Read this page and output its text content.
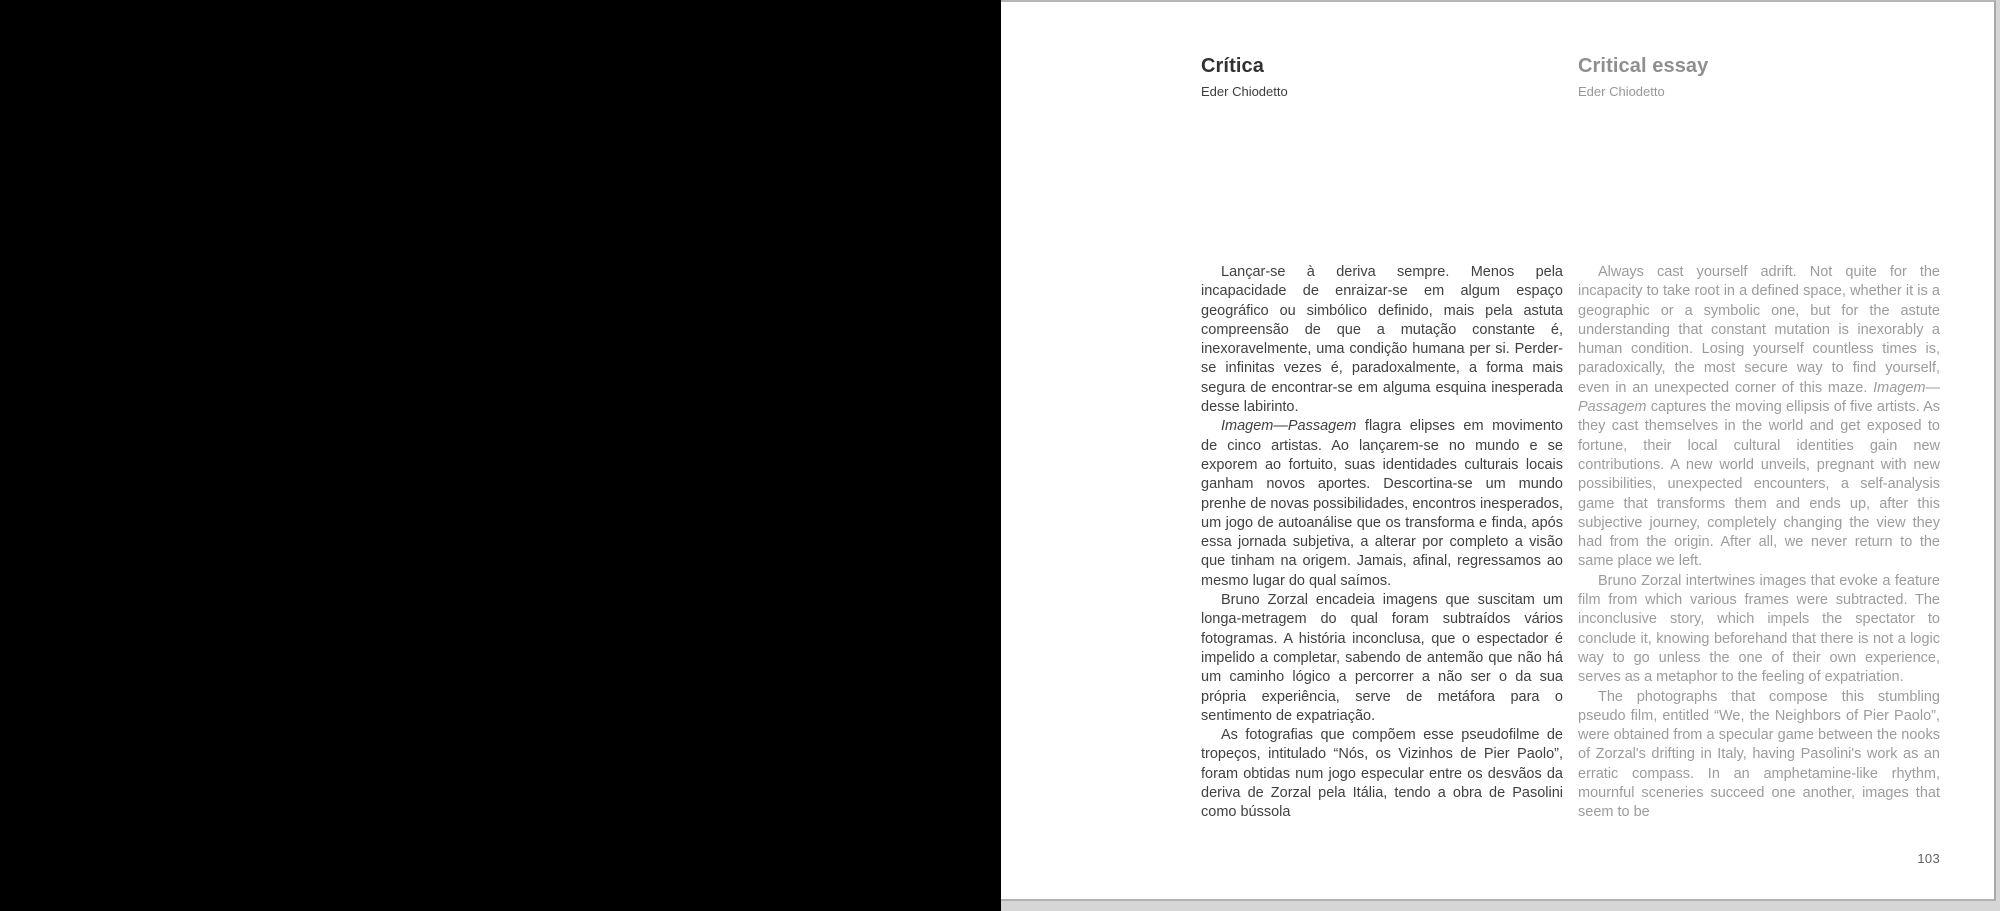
Crítica
Eder Chiodetto

Lançar-se à deriva sempre. Menos pela incapacidade de enraizar-se em algum espaço geográfico ou simbólico definido, mais pela astuta compreensão de que a mutação constante é, inexoravelmente, uma condição humana per si. Perder-se infinitas vezes é, paradoxalmente, a forma mais segura de encontrar-se em alguma esquina inesperada desse labirinto.

Imagem—Passagem flagra elipses em movimento de cinco artistas. Ao lançarem-se no mundo e se exporem ao fortuito, suas identidades culturais locais ganham novos aportes. Descortina-se um mundo prenhe de novas possibilidades, encontros inesperados, um jogo de autoanálise que os transforma e finda, após essa jornada subjetiva, a alterar por completo a visão que tinham na origem. Jamais, afinal, regressamos ao mesmo lugar do qual saímos.

Bruno Zorzal encadeia imagens que suscitam um longa-metragem do qual foram subtraídos vários fotogramas. A história inconclusa, que o espectador é impelido a completar, sabendo de antemão que não há um caminho lógico a percorrer a não ser o da sua própria experiência, serve de metáfora para o sentimento de expatriação.

As fotografias que compõem esse pseudofilme de tropeços, intitulado “Nós, os Vizinhos de Pier Paolo”, foram obtidas num jogo especular entre os desvãos da deriva de Zorzal pela Itália, tendo a obra de Pasolini como bússola

Critical essay
Eder Chiodetto

Always cast yourself adrift. Not quite for the incapacity to take root in a defined space, whether it is a geographic or a symbolic one, but for the astute understanding that constant mutation is inexorably a human condition. Losing yourself countless times is, paradoxically, the most secure way to find yourself, even in an unexpected corner of this maze. Imagem—Passagem captures the moving ellipsis of five artists. As they cast themselves in the world and get exposed to fortune, their local cultural identities gain new contributions. A new world unveils, pregnant with new possibilities, unexpected encounters, a self-analysis game that transforms them and ends up, after this subjective journey, completely changing the view they had from the origin. After all, we never return to the same place we left.

Bruno Zorzal intertwines images that evoke a feature film from which various frames were subtracted. The inconclusive story, which impels the spectator to conclude it, knowing beforehand that there is not a logic way to go unless the one of their own experience, serves as a metaphor to the feeling of expatriation.

The photographs that compose this stumbling pseudo film, entitled “We, the Neighbors of Pier Paolo”, were obtained from a specular game between the nooks of Zorzal's drifting in Italy, having Pasolini's work as an erratic compass. In an amphetamine-like rhythm, mournful sceneries succeed one another, images that seem to be

103
